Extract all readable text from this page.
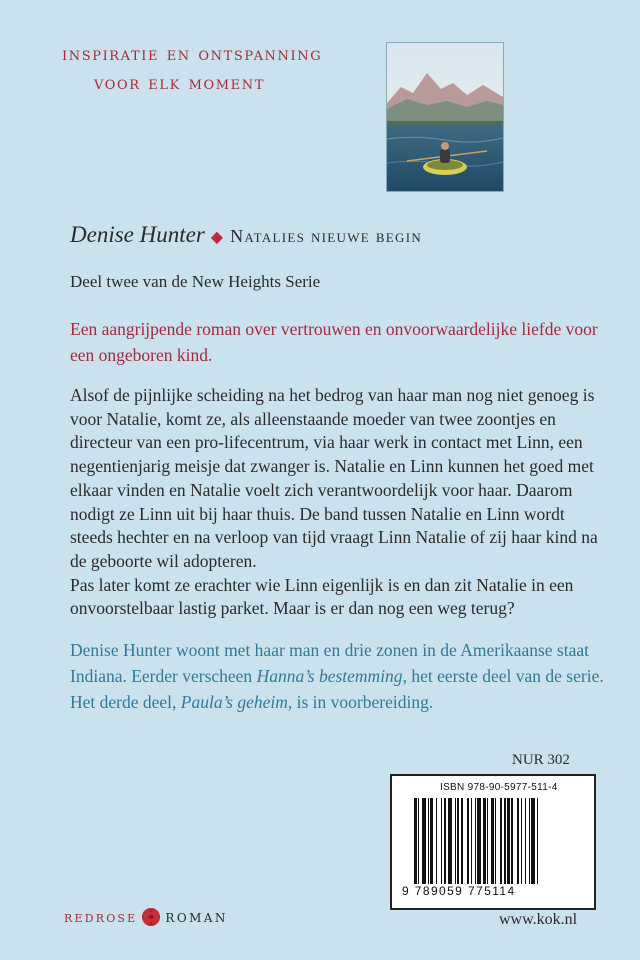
inspiratie en ontspanning
voor elk moment
Denise Hunter ◆ Natalies nieuwe begin
Deel twee van de New Heights Serie
Een aangrijpende roman over vertrouwen en onvoorwaardelijke liefde voor een ongeboren kind.

Alsof de pijnlijke scheiding na het bedrog van haar man nog niet genoeg is voor Natalie, komt ze, als alleenstaande moeder van twee zoontjes en directeur van een pro-lifecentrum, via haar werk in contact met Linn, een negentienjarig meisje dat zwanger is. Natalie en Linn kunnen het goed met elkaar vinden en Natalie voelt zich verantwoordelijk voor haar. Daarom nodigt ze Linn uit bij haar thuis. De band tussen Natalie en Linn wordt steeds hechter en na verloop van tijd vraagt Linn Natalie of zij haar kind na de geboorte wil adopteren.

Pas later komt ze erachter wie Linn eigenlijk is en dan zit Natalie in een onvoorstelbaar lastig parket. Maar is er dan nog een weg terug?

Denise Hunter woont met haar man en drie zonen in de Amerikaanse staat Indiana. Eerder verscheen Hanna’s bestemming, het eerste deel van de serie. Het derde deel, Paula’s geheim, is in voorbereiding.

NUR 302
ISBN 978-90-5977-511-4
9 789059 775114
redrose roman	www.kok.nl
